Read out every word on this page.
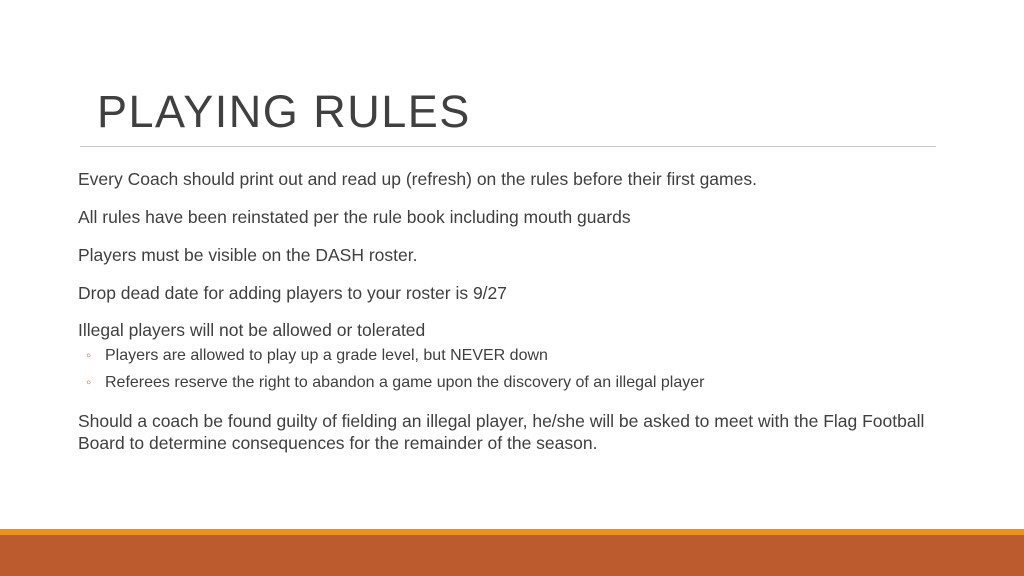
PLAYING RULES

Every Coach should print out and read up (refresh) on the rules before their first games.

All rules have been reinstated per the rule book including mouth guards

Players must be visible on the DASH roster.

Drop dead date for adding players to your roster is 9/27

Illegal players will not be allowed or tolerated

◦ Players are allowed to play up a grade level, but NEVER down
◦ Referees reserve the right to abandon a game upon the discovery of an illegal player

Should a coach be found guilty of fielding an illegal player, he/she will be asked to meet with the Flag Football Board to determine consequences for the remainder of the season.
